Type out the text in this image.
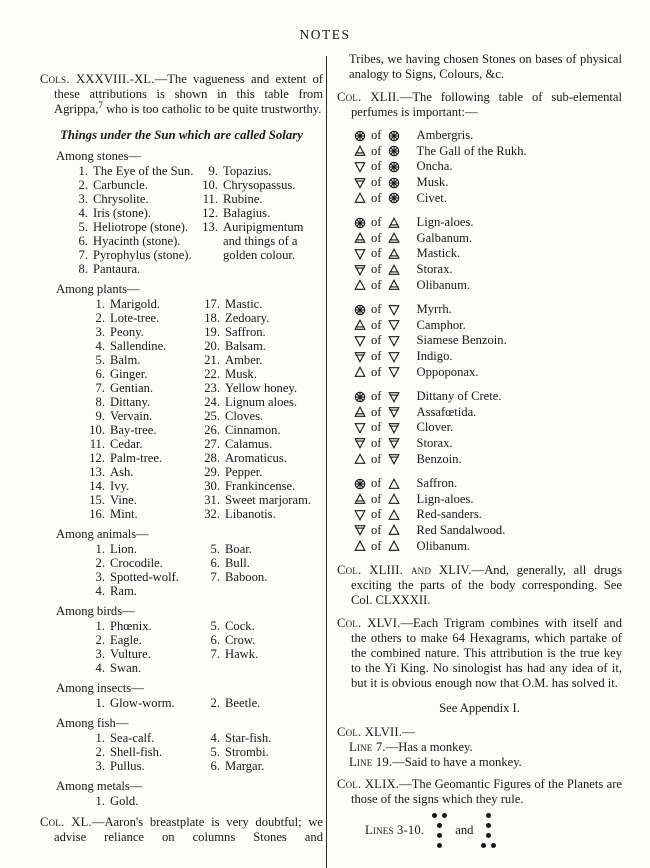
NOTES

Cols. XXXVIII.-XL.—The vagueness and extent of these attributions is shown in this table from Agrippa,$^7$ who is too catholic to be quite trustworthy.

Things under the Sun which are called Solary
Among stones—
1. The Eye of the Sun.
2. Carbuncle.
3. Chrysolite.
4. Iris (stone).
5. Heliotrope (stone).
6. Hyacinth (stone).
7. Pyrophylus (stone).
8. Pantaura.
9. Topazius.
10. Chrysopassus.
11. Rubine.
12. Balagius.
13. Auripigmentum and things of a golden colour.
Among plants—
1. Marigold.
2. Lote-tree.
3. Peony.
4. Sallendine.
5. Balm.
6. Ginger.
7. Gentian.
8. Dittany.
9. Vervain.
10. Bay-tree.
11. Cedar.
12. Palm-tree.
13. Ash.
14. Ivy.
15. Vine.
16. Mint.
17. Mastic.
18. Zedoary.
19. Saffron.
20. Balsam.
21. Amber.
22. Musk.
23. Yellow honey.
24. Lignum aloes.
25. Cloves.
26. Cinnamon.
27. Calamus.
28. Aromaticus.
29. Pepper.
30. Frankincense.
31. Sweet marjoram.
32. Libanotis.
Among animals—
1. Lion.
2. Crocodile.
3. Spotted-wolf.
4. Ram.
5. Boar.
6. Bull.
7. Baboon.
Among birds—
1. Phœnix.
2. Eagle.
3. Vulture.
4. Swan.
5. Cock.
6. Crow.
7. Hawk.
Among insects—
1. Glow-worm.	2. Beetle.
Among fish—
1. Sea-calf.
2. Shell-fish.
3. Pullus.
4. Star-fish.
5. Strombi.
6. Margar.
Among metals—
1. Gold.

Col. XL.—Aaron's breastplate is very doubtful; we advise reliance on columns Stones and

Tribes, we having chosen Stones on bases of physical analogy to Signs, Colours, &c.

Col. XLII.—The following table of sub-elemental perfumes is important:—

of	Ambergris.
of	The Gall of the Rukh.
of	Oncha.
of	Musk.
of	Civet.
of	Lign-aloes.
of	Galbanum.
of	Mastick.
of	Storax.
of	Olibanum.
of	Myrrh.
of	Camphor.
of	Siamese Benzoin.
of	Indigo.
of	Oppoponax.
of	Dittany of Crete.
of	Assafœtida.
of	Clover.
of	Storax.
of	Benzoin.
of	Saffron.
of	Lign-aloes.
of	Red-sanders.
of	Red Sandalwood.
of	Olibanum.

Col. XLIII. and XLIV.—And, generally, all drugs exciting the parts of the body corresponding. See Col. CLXXXII.

Col. XLVI.—Each Trigram combines with itself and the others to make 64 Hexagrams, which partake of the combined nature. This attribution is the true key to the Yi King. No sinologist has had any idea of it, but it is obvious enough now that O.M. has solved it.

See Appendix I.

Col. XLVII.—

Line 7.—Has a monkey.

Line 19.—Said to have a monkey.

Col. XLIX.—The Geomantic Figures of the Planets are those of the signs which they rule.

Lines 3-10. and
